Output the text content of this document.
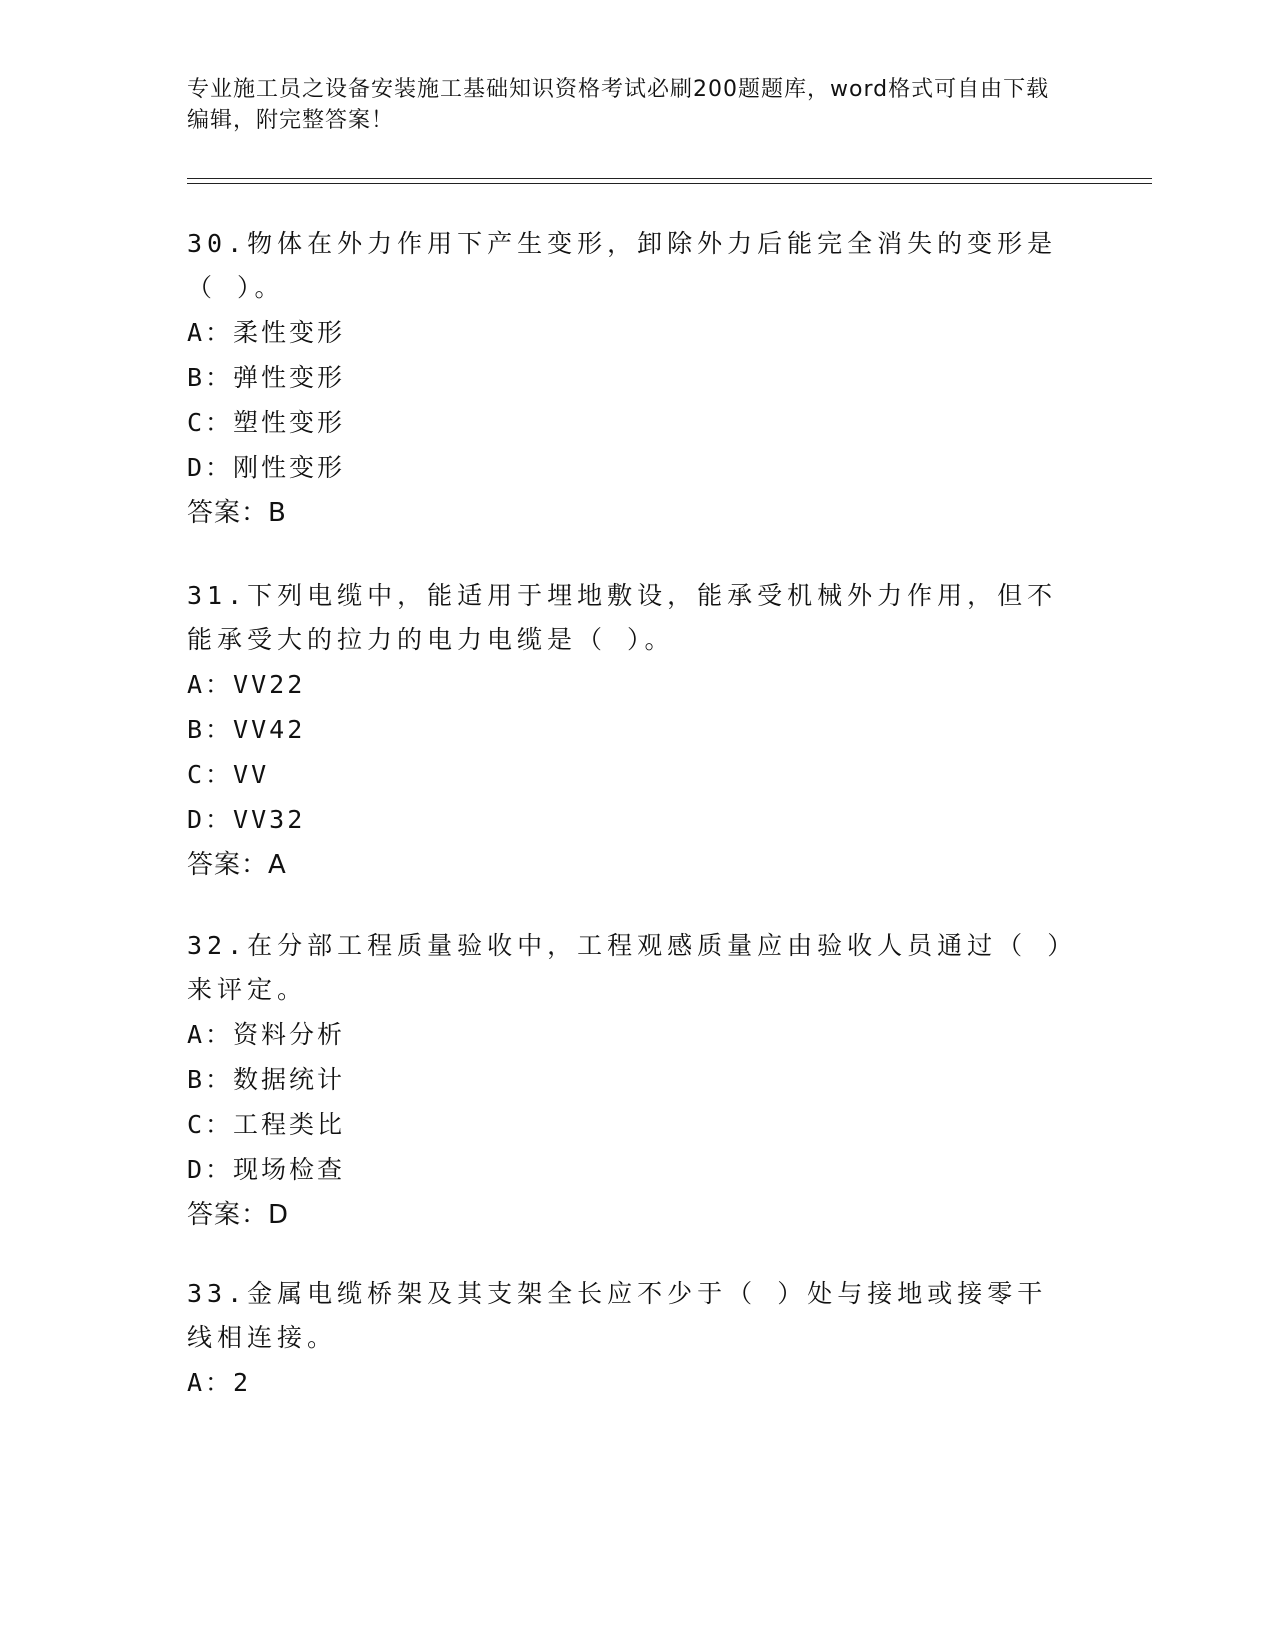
专业施工员之设备安装施工基础知识资格考试必刷200题题库，word格式可自由下载编辑，附完整答案！

30.物体在外力作用下产生变形，卸除外力后能完全消失的变形是（ ）。

A：柔性变形

B：弹性变形

C：塑性变形

D：刚性变形

答案：B

31.下列电缆中，能适用于埋地敷设，能承受机械外力作用，但不能承受大的拉力的电力电缆是（ ）。

A：VV22

B：VV42

C：VV

D：VV32

答案：A

32.在分部工程质量验收中，工程观感质量应由验收人员通过（ ）来评定。

A：资料分析

B：数据统计

C：工程类比

D：现场检查

答案：D

33.金属电缆桥架及其支架全长应不少于（ ）处与接地或接零干线相连接。

A：2
